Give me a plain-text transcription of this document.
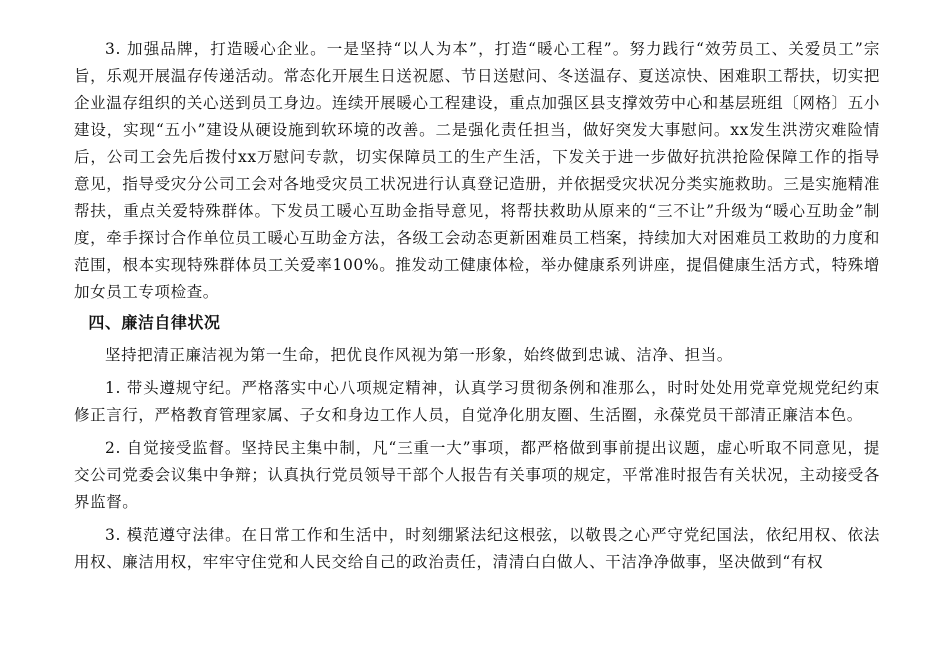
3. 加强品牌，打造暖心企业。一是坚持“以人为本”，打造“暖心工程”。努力践行“效劳员工、关爱员工”宗旨，乐观开展温存传递活动。常态化开展生日送祝愿、节日送慰问、冬送温存、夏送凉快、困难职工帮扶，切实把企业温存组织的关心送到员工身边。连续开展暖心工程建设，重点加强区县支撑效劳中心和基层班组〔网格〕五小建设，实现“五小”建设从硬设施到软环境的改善。二是强化责任担当，做好突发大事慰问。xx发生洪涝灾难险情后，公司工会先后拨付xx万慰问专款，切实保障员工的生产生活，下发关于进一步做好抗洪抢险保障工作的指导意见，指导受灾分公司工会对各地受灾员工状况进行认真登记造册，并依据受灾状况分类实施救助。三是实施精准帮扶，重点关爱特殊群体。下发员工暖心互助金指导意见，将帮扶救助从原来的“三不让”升级为“暖心互助金”制度，牵手探讨合作单位员工暖心互助金方法，各级工会动态更新困难员工档案，持续加大对困难员工救助的力度和范围，根本实现特殊群体员工关爱率100%。推发动工健康体检，举办健康系列讲座，提倡健康生活方式，特殊增加女员工专项检查。

四、廉洁自律状况

坚持把清正廉洁视为第一生命，把优良作风视为第一形象，始终做到忠诚、洁净、担当。

1. 带头遵规守纪。严格落实中心八项规定精神，认真学习贯彻条例和准那么，时时处处用党章党规党纪约束修正言行，严格教育管理家属、子女和身边工作人员，自觉净化朋友圈、生活圈，永葆党员干部清正廉洁本色。

2. 自觉接受监督。坚持民主集中制，凡“三重一大”事项，都严格做到事前提出议题，虚心听取不同意见，提交公司党委会议集中争辩；认真执行党员领导干部个人报告有关事项的规定，平常准时报告有关状况，主动接受各界监督。

3. 模范遵守法律。在日常工作和生活中，时刻绷紧法纪这根弦，以敬畏之心严守党纪国法，依纪用权、依法用权、廉洁用权，牢牢守住党和人民交给自己的政治责任，清清白白做人、干洁净净做事，坚决做到“有权
